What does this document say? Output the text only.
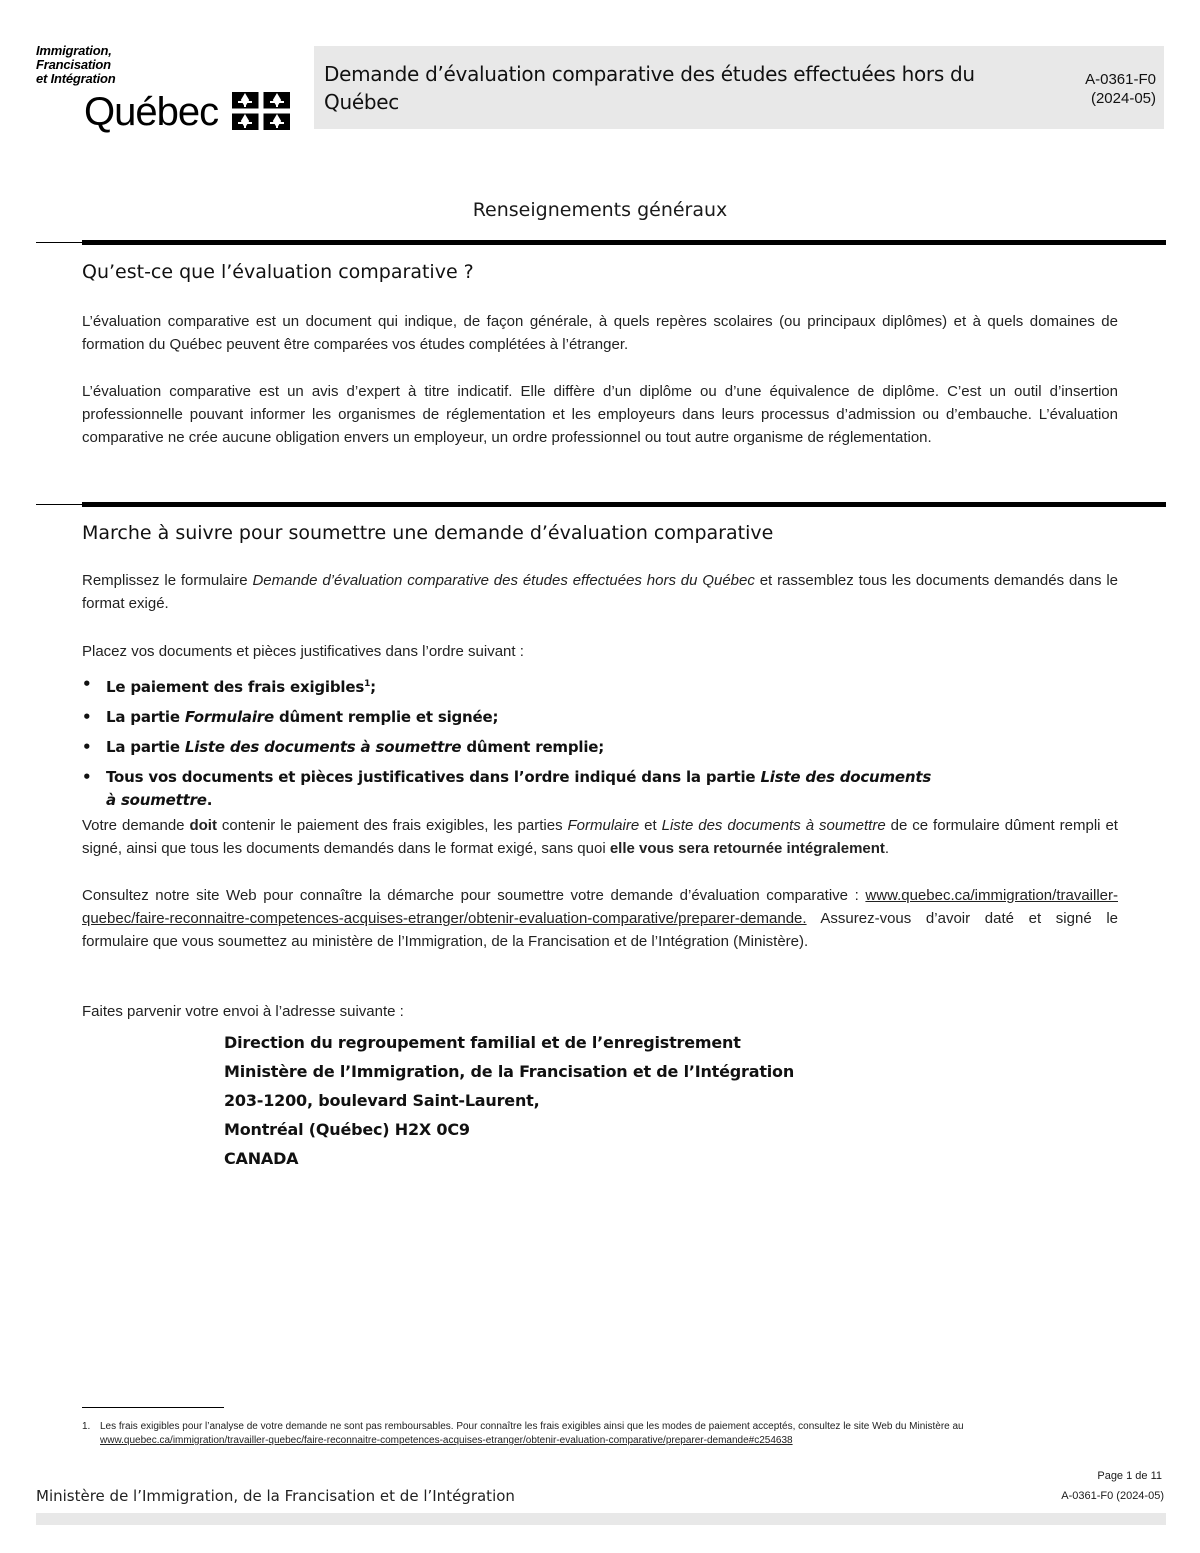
Immigration,
Francisation
et Intégration
Québec
Demande d’évaluation comparative des études effectuées hors du Québec
A-0361-F0
(2024-05)
Renseignements généraux
Qu’est-ce que l’évaluation comparative ?
L’évaluation comparative est un document qui indique, de façon générale, à quels repères scolaires (ou principaux diplômes) et à quels domaines de formation du Québec peuvent être comparées vos études complétées à l’étranger.
L’évaluation comparative est un avis d’expert à titre indicatif. Elle diffère d’un diplôme ou d’une équivalence de diplôme. C’est un outil d’insertion professionnelle pouvant informer les organismes de réglementation et les employeurs dans leurs processus d’admission ou d’embauche. L’évaluation comparative ne crée aucune obligation envers un employeur, un ordre professionnel ou tout autre organisme de réglementation.
Marche à suivre pour soumettre une demande d’évaluation comparative
Remplissez le formulaire Demande d’évaluation comparative des études effectuées hors du Québec et rassemblez tous les documents demandés dans le format exigé.
Placez vos documents et pièces justificatives dans l’ordre suivant :
• Le paiement des frais exigibles$^1$;
• La partie Formulaire dûment remplie et signée;
• La partie Liste des documents à soumettre dûment remplie;
• Tous vos documents et pièces justificatives dans l’ordre indiqué dans la partie Liste des documents à soumettre.
Votre demande doit contenir le paiement des frais exigibles, les parties Formulaire et Liste des documents à soumettre de ce formulaire dûment rempli et signé, ainsi que tous les documents demandés dans le format exigé, sans quoi elle vous sera retournée intégralement.
Consultez notre site Web pour connaître la démarche pour soumettre votre demande d’évaluation comparative : www.quebec.ca/immigration/travailler-quebec/faire-reconnaitre-competences-acquises-etranger/obtenir-evaluation-comparative/preparer-demande. Assurez-vous d’avoir daté et signé le formulaire que vous soumettez au ministère de l’Immigration, de la Francisation et de l’Intégration (Ministère).
Faites parvenir votre envoi à l’adresse suivante :
Direction du regroupement familial et de l’enregistrement
Ministère de l’Immigration, de la Francisation et de l’Intégration
203-1200, boulevard Saint-Laurent,
Montréal (Québec) H2X 0C9
CANADA
1. Les frais exigibles pour l’analyse de votre demande ne sont pas remboursables. Pour connaître les frais exigibles ainsi que les modes de paiement acceptés, consultez le site Web du Ministère au
www.quebec.ca/immigration/travailler-quebec/faire-reconnaitre-competences-acquises-etranger/obtenir-evaluation-comparative/preparer-demande#c254638
Page 1 de 11
Ministère de l’Immigration, de la Francisation et de l’Intégration	A-0361-F0 (2024-05)
